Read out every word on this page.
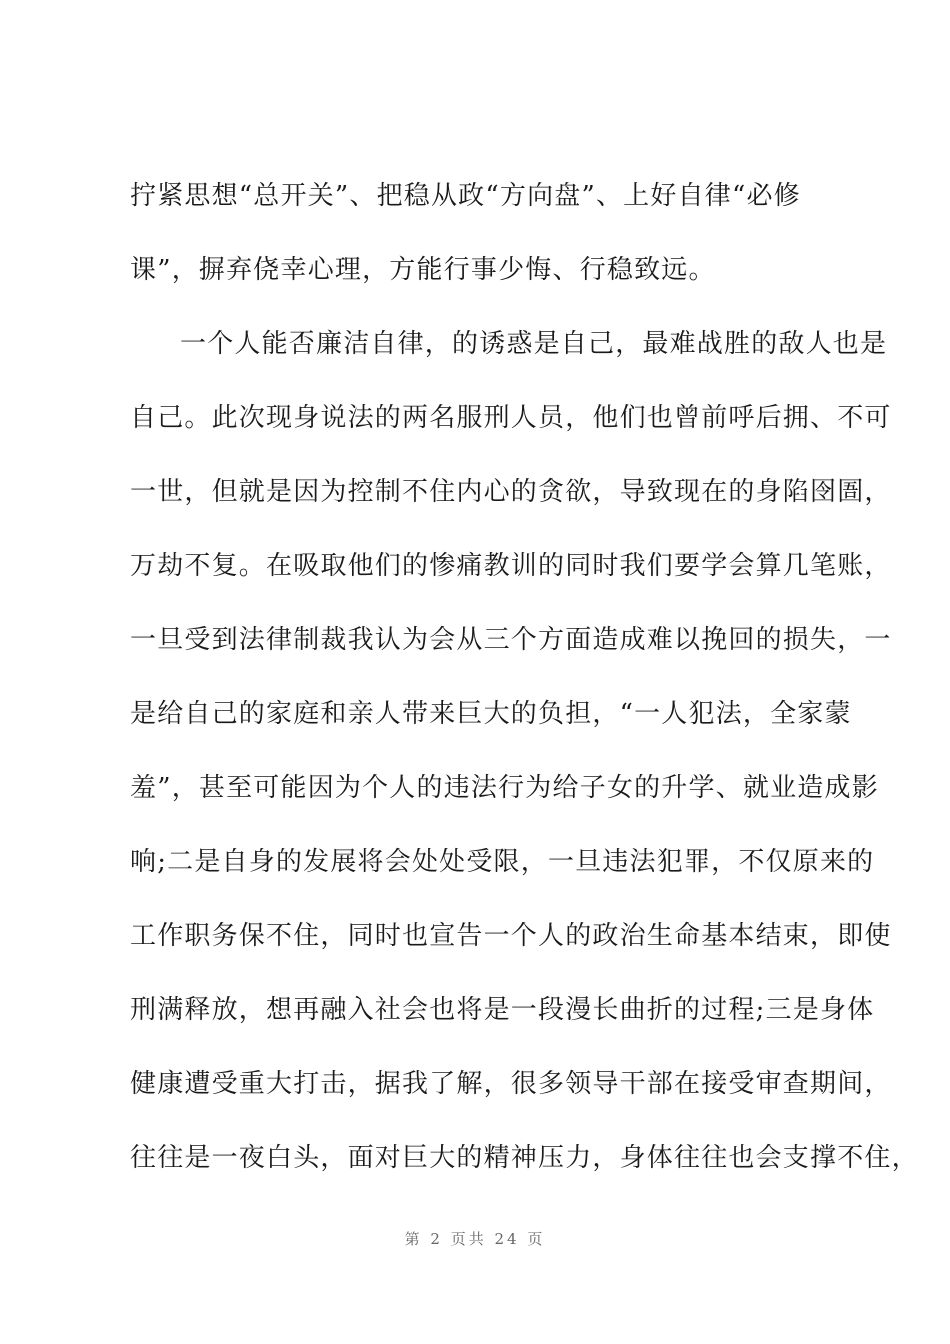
拧紧思想“总开关”、把稳从政“方向盘”、上好自律“必修
课”，摒弃侥幸心理，方能行事少悔、行稳致远。
一个人能否廉洁自律，的诱惑是自己，最难战胜的敌人也是
自己。此次现身说法的两名服刑人员，他们也曾前呼后拥、不可
一世，但就是因为控制不住内心的贪欲，导致现在的身陷囹圄，
万劫不复。在吸取他们的惨痛教训的同时我们要学会算几笔账，
一旦受到法律制裁我认为会从三个方面造成难以挽回的损失，一
是给自己的家庭和亲人带来巨大的负担，“一人犯法，全家蒙
羞”，甚至可能因为个人的违法行为给子女的升学、就业造成影
响;二是自身的发展将会处处受限，一旦违法犯罪，不仅原来的
工作职务保不住，同时也宣告一个人的政治生命基本结束，即使
刑满释放，想再融入社会也将是一段漫长曲折的过程;三是身体
健康遭受重大打击，据我了解，很多领导干部在接受审查期间，
往往是一夜白头，面对巨大的精神压力，身体往往也会支撑不住，
第 2 页共 24 页
